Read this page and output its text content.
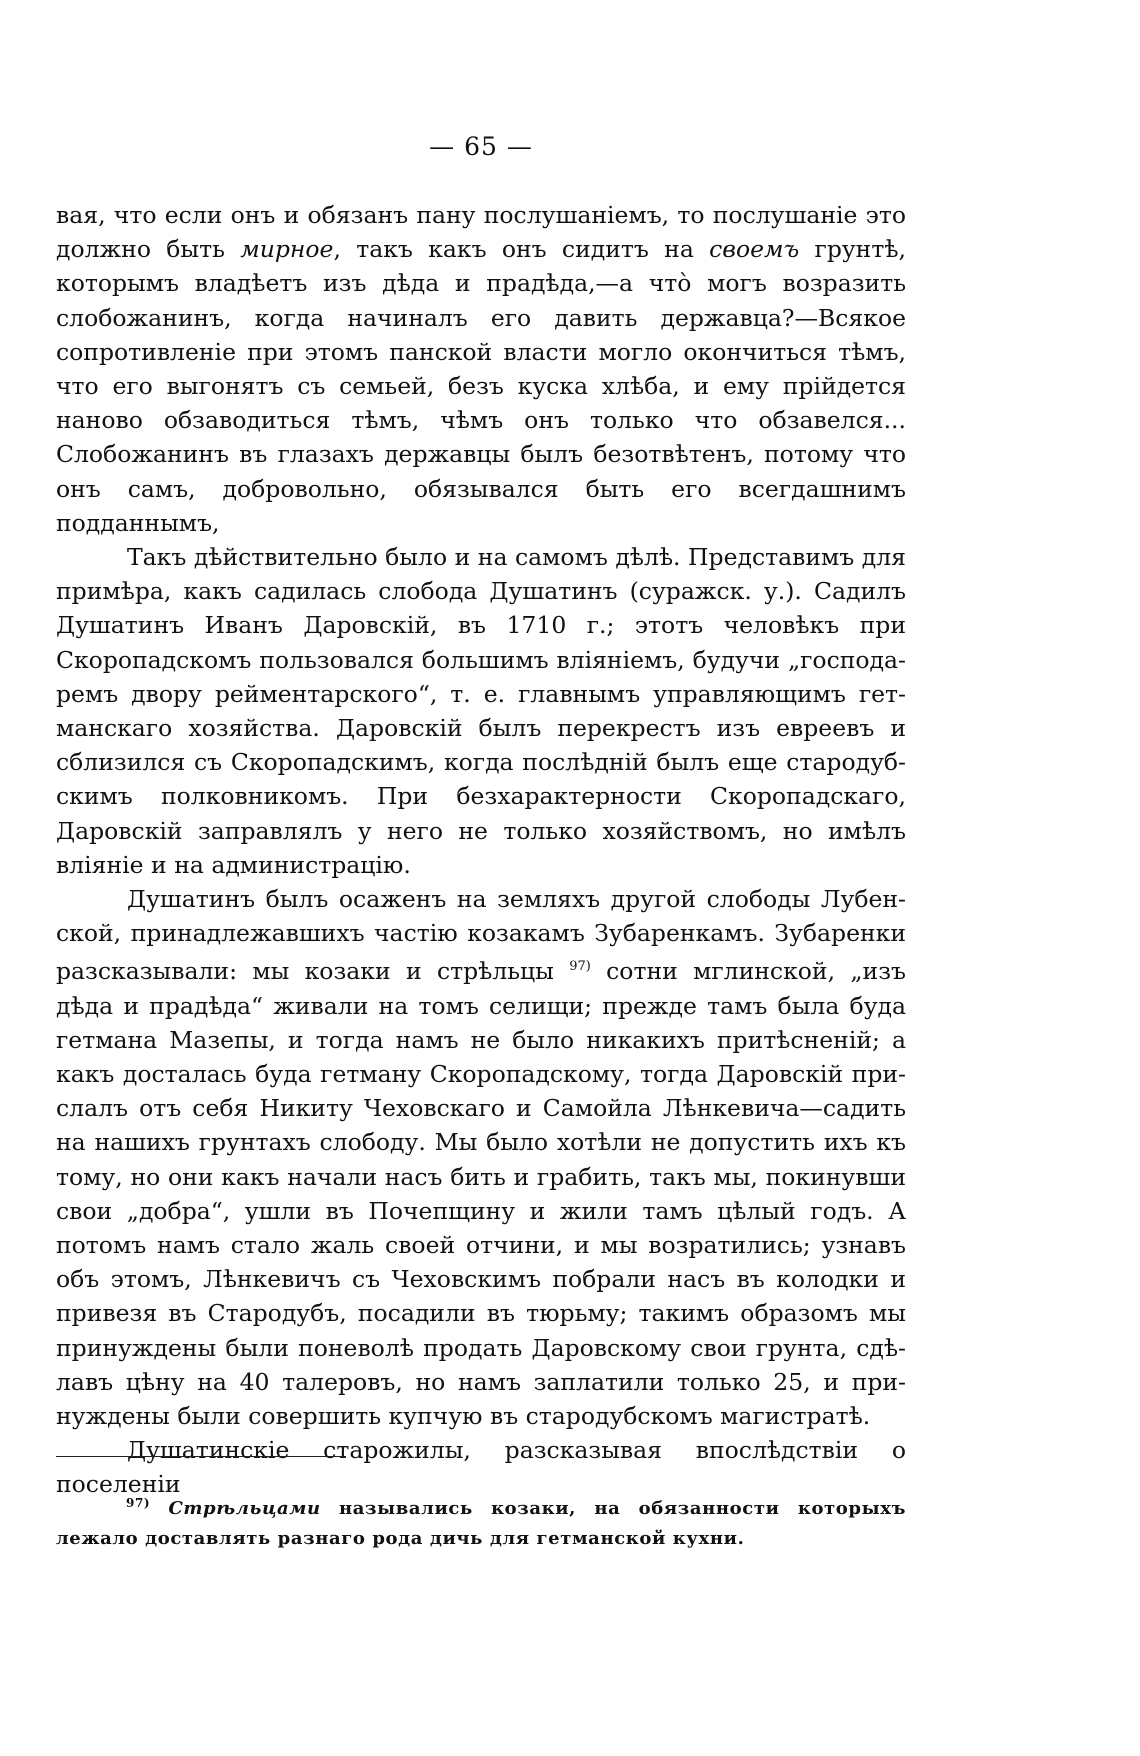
— 65 —

вая, что если онъ и обязанъ пану послушаніемъ, то послушаніе это должно быть мирное, такъ какъ онъ сидитъ на своемъ грунтѣ, которымъ владѣетъ изъ дѣда и прадѣда,—а что̀ могъ возразить слобожанинъ, когда начиналъ его давить державца?—Всякое сопротивленіе при этомъ панской власти могло окончиться тѣмъ, что его выгонятъ съ семьей, безъ куска хлѣба, и ему прійдется наново обзаводиться тѣмъ, чѣмъ онъ только что обзавелся... Слобожанинъ въ глазахъ державцы былъ безотвѣтенъ, потому что онъ самъ, добровольно, обязывался быть его всегдашнимъ подданнымъ,

Такъ дѣйствительно было и на самомъ дѣлѣ. Представимъ для примѣра, какъ садилась слобода Душатинъ (суражск. у.). Садилъ Душатинъ Иванъ Даровскій, въ 1710 г.; этотъ человѣкъ при Скоропадскомъ пользовался большимъ вліяніемъ, будучи „господаремъ двору рейментарского“, т. е. главнымъ управляющимъ гетманскаго хозяйства. Даровскій былъ перекрестъ изъ евреевъ и сблизился съ Скоропадскимъ, когда послѣдній былъ еще стародубскимъ полковникомъ. При безхарактерности Скоропадскаго, Даровскій заправлялъ у него не только хозяйствомъ, но имѣлъ вліяніе и на администрацію.

Душатинъ былъ осаженъ на земляхъ другой слободы Лубенской, принадлежавшихъ частію козакамъ Зубаренкамъ. Зубаренки разсказывали: мы козаки и стрѣльцы $^{97)}$ сотни мглинской, „изъ дѣда и прадѣда“ живали на томъ селищи; прежде тамъ была буда гетмана Мазепы, и тогда намъ не было никакихъ притѣсненій; а какъ досталась буда гетману Скоропадскому, тогда Даровскій прислалъ отъ себя Никиту Чеховскаго и Самойла Лѣнкевича—садить на нашихъ грунтахъ слободу. Мы было хотѣли не допустить ихъ къ тому, но они какъ начали насъ бить и грабить, такъ мы, покинувши свои „добра“, ушли въ Почепщину и жили тамъ цѣлый годъ. А потомъ намъ стало жаль своей отчини, и мы возратились; узнавъ объ этомъ, Лѣнкевичъ съ Чеховскимъ побрали насъ въ колодки и привезя въ Стародубъ, посадили въ тюрьму; такимъ образомъ мы принуждены были поневолѣ продать Даровскому свои грунта, сдѣлавъ цѣну на 40 талеровъ, но намъ заплатили только 25, и принуждены были совершить купчую въ стародубскомъ магистратѣ.

Душатинскіе старожилы, разсказывая впослѣдствіи о поселеніи

$^{97)}$ Стрѣльцами назывались козаки, на обязанности которыхъ лежало доставлять разнаго рода дичь для гетманской кухни.
